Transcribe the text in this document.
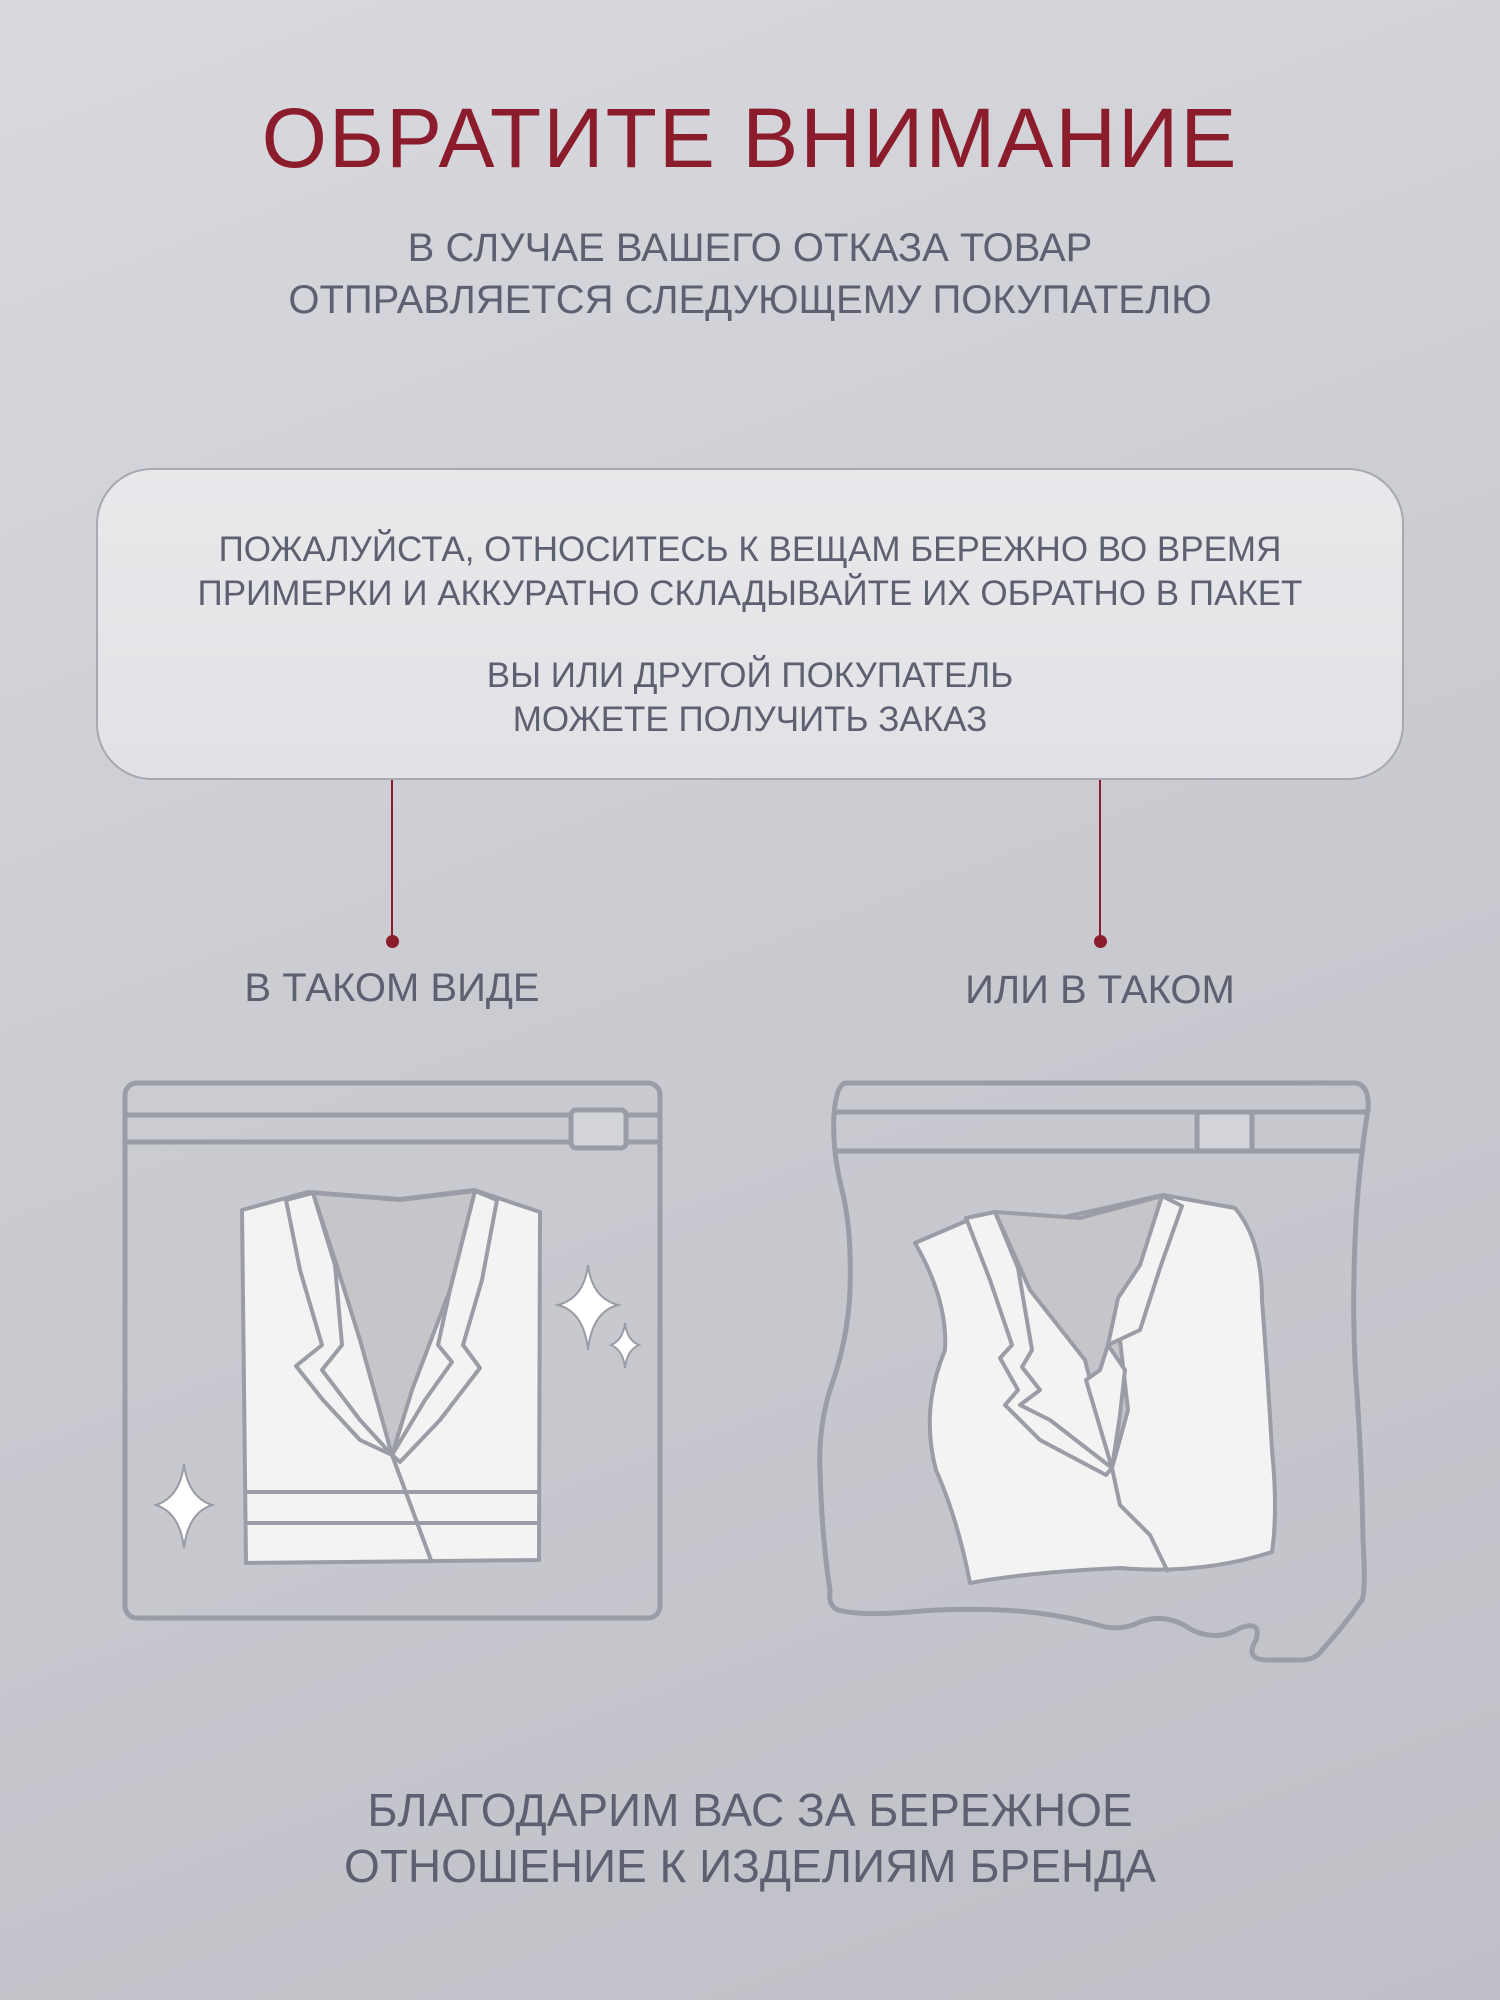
ОБРАТИТЕ ВНИМАНИЕ
В СЛУЧАЕ ВАШЕГО ОТКАЗА ТОВАР
ОТПРАВЛЯЕТСЯ СЛЕДУЮЩЕМУ ПОКУПАТЕЛЮ
ПОЖАЛУЙСТА, ОТНОСИТЕСЬ К ВЕЩАМ БЕРЕЖНО ВО ВРЕМЯ
ПРИМЕРКИ И АККУРАТНО СКЛАДЫВАЙТЕ ИХ ОБРАТНО В ПАКЕТ
ВЫ ИЛИ ДРУГОЙ ПОКУПАТЕЛЬ
МОЖЕТЕ ПОЛУЧИТЬ ЗАКАЗ
В ТАКОМ ВИДЕ	ИЛИ В ТАКОМ
БЛАГОДАРИМ ВАС ЗА БЕРЕЖНОЕ
ОТНОШЕНИЕ К ИЗДЕЛИЯМ БРЕНДА
